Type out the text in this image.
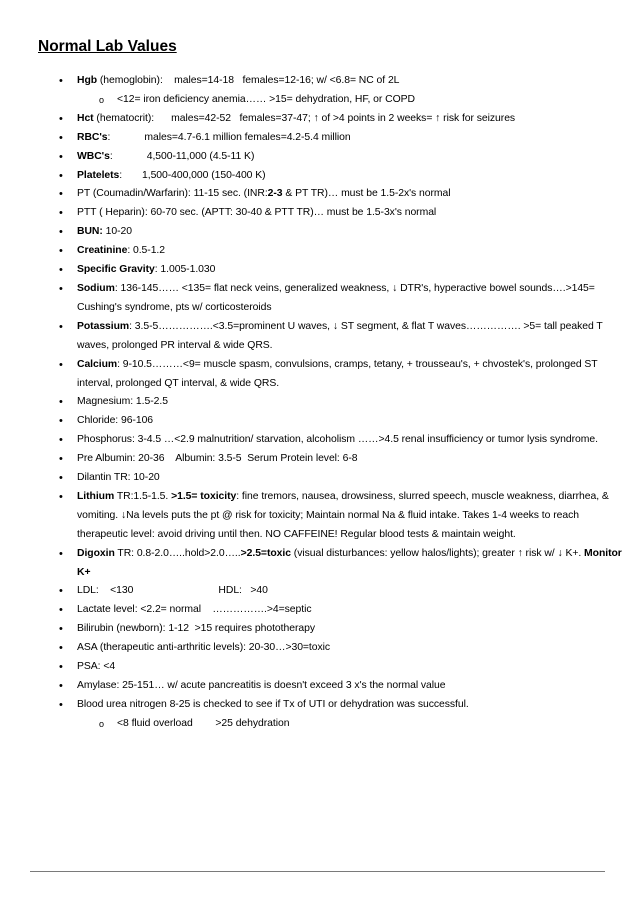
Normal Lab Values
• Hgb (hemoglobin):    males=14-18   females=12-16; w/ <6.8= NC of 2L
o <12= iron deficiency anemia…… >15= dehydration, HF, or COPD
• Hct (hematocrit):      males=42-52   females=37-47; ↑ of >4 points in 2 weeks= ↑ risk for seizures
• RBC's:            males=4.7-6.1 million females=4.2-5.4 million
• WBC's:            4,500-11,000 (4.5-11 K)
• Platelets:       1,500-400,000 (150-400 K)
• PT (Coumadin/Warfarin): 11-15 sec. (INR:2-3 & PT TR)… must be 1.5-2x's normal
• PTT ( Heparin): 60-70 sec. (APTT: 30-40 & PTT TR)… must be 1.5-3x's normal
• BUN: 10-20
• Creatinine: 0.5-1.2
• Specific Gravity: 1.005-1.030
• Sodium: 136-145…… <135= flat neck veins, generalized weakness, ↓ DTR's, hyperactive bowel sounds….>145= Cushing's syndrome, pts w/ corticosteroids
• Potassium: 3.5-5…………….<3.5=prominent U waves, ↓ ST segment, & flat T waves……………. >5= tall peaked T waves, prolonged PR interval & wide QRS.
• Calcium: 9-10.5………<9= muscle spasm, convulsions, cramps, tetany, + trousseau's, + chvostek's, prolonged ST interval, prolonged QT interval, & wide QRS.
• Magnesium: 1.5-2.5
• Chloride: 96-106
• Phosphorus: 3-4.5 …<2.9 malnutrition/ starvation, alcoholism ……>4.5 renal insufficiency or tumor lysis syndrome.
• Pre Albumin: 20-36    Albumin: 3.5-5  Serum Protein level: 6-8
• Dilantin TR: 10-20
• Lithium TR:1.5-1.5. >1.5= toxicity: fine tremors, nausea, drowsiness, slurred speech, muscle weakness, diarrhea, & vomiting. ↓Na levels puts the pt @ risk for toxicity; Maintain normal Na & fluid intake. Takes 1-4 weeks to reach therapeutic level: avoid driving until then. NO CAFFEINE! Regular blood tests & maintain weight.
• Digoxin TR: 0.8-2.0…..hold>2.0…..>2.5=toxic (visual disturbances: yellow halos/lights); greater ↑ risk w/ ↓ K+. Monitor K+
• LDL:    <130                              HDL:   >40
• Lactate level: <2.2= normal    …………….>4=septic
• Bilirubin (newborn): 1-12  >15 requires phototherapy
• ASA (therapeutic anti-arthritic levels): 20-30…>30=toxic
• PSA: <4
• Amylase: 25-151… w/ acute pancreatitis is doesn't exceed 3 x's the normal value
• Blood urea nitrogen 8-25 is checked to see if Tx of UTI or dehydration was successful.
o <8 fluid overload        >25 dehydration
